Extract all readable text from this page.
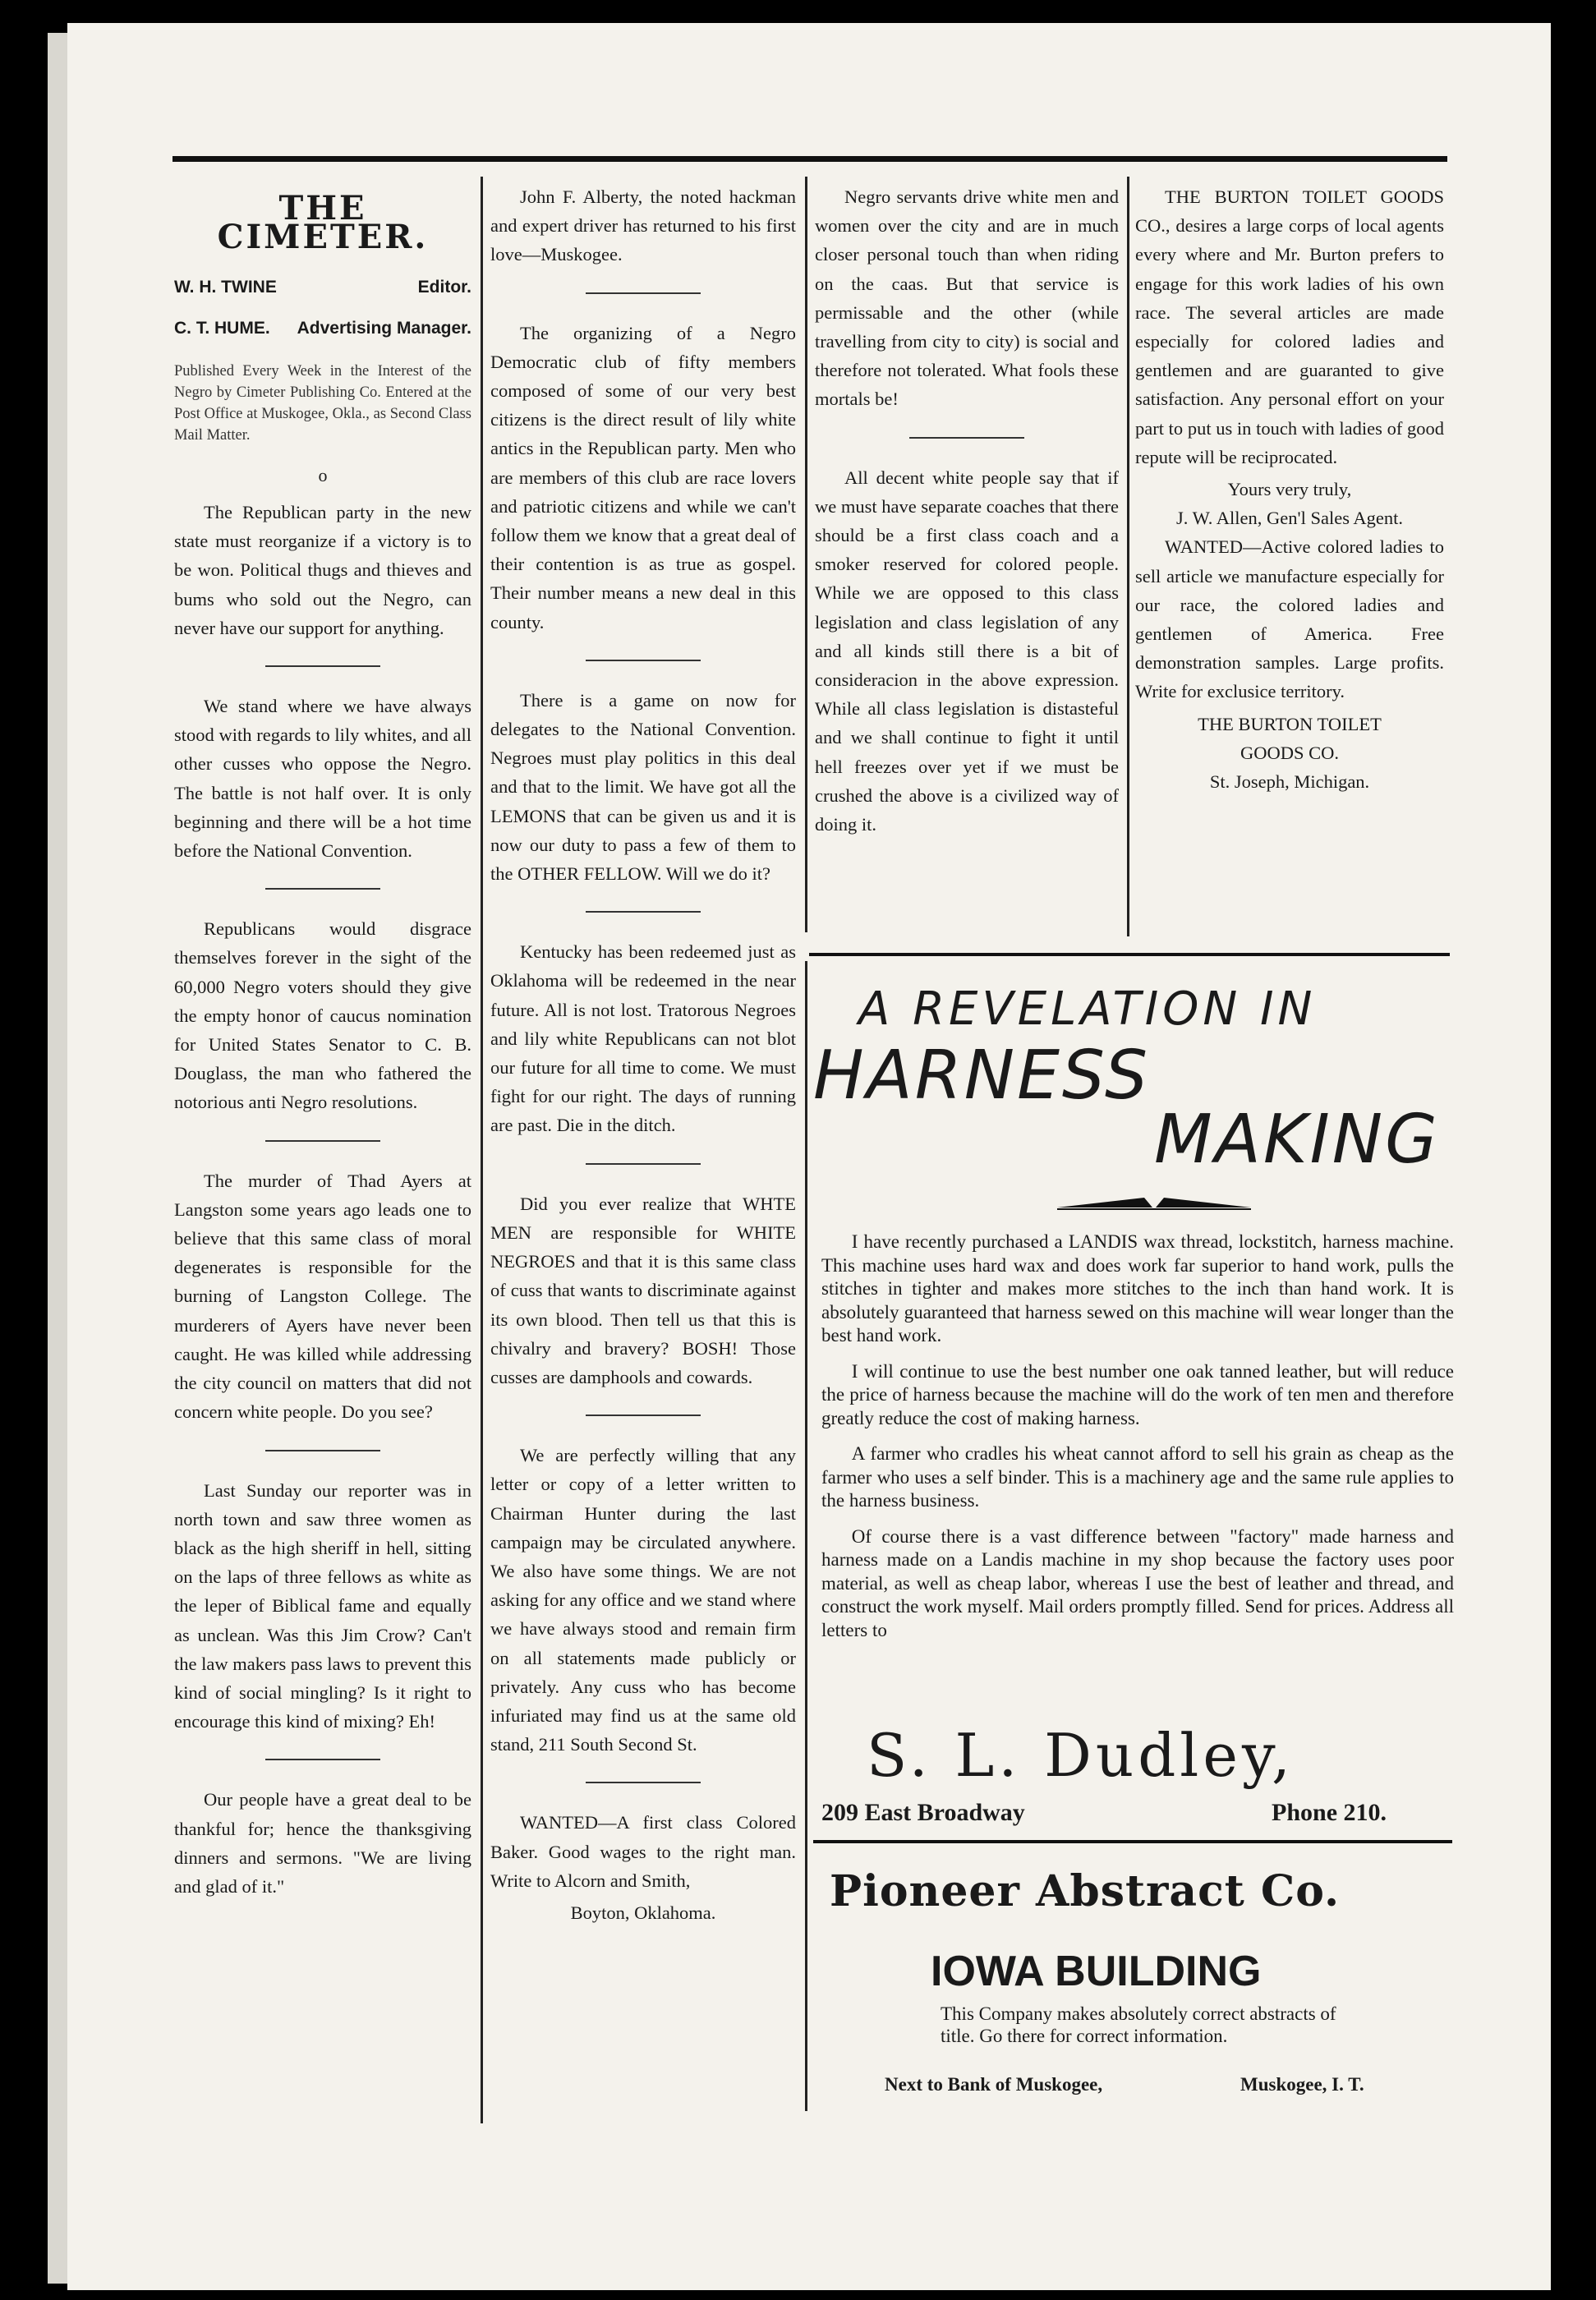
THE CIMETER.
W. H. TWINE	Editor.
C. T. HUME. Advertising Manager.
Published Every Week in the Interest of the Negro by Cimeter Publishing Co. Entered at the Post Office at Muskogee, Okla., as Second Class Mail Matter.
o

The Republican party in the new state must reorganize if a victory is to be won. Political thugs and thieves and bums who sold out the Negro, can never have our support for anything.

We stand where we have always stood with regards to lily whites, and all other cusses who oppose the Negro. The battle is not half over. It is only beginning and there will be a hot time before the National Convention.

Republicans would disgrace themselves forever in the sight of the 60,000 Negro voters should they give the empty honor of caucus nomination for United States Senator to C. B. Douglass, the man who fathered the notorious anti Negro resolutions.

The murder of Thad Ayers at Langston some years ago leads one to believe that this same class of moral degenerates is responsible for the burning of Langston College. The murderers of Ayers have never been caught. He was killed while addressing the city council on matters that did not concern white people. Do you see?

Last Sunday our reporter was in north town and saw three women as black as the high sheriff in hell, sitting on the laps of three fellows as white as the leper of Biblical fame and equally as unclean. Was this Jim Crow? Can't the law makers pass laws to prevent this kind of social mingling? Is it right to encourage this kind of mixing? Eh!

Our people have a great deal to be thankful for; hence the thanksgiving dinners and sermons. "We are living and glad of it."

John F. Alberty, the noted hackman and expert driver has returned to his first love—Muskogee.

The organizing of a Negro Democratic club of fifty members composed of some of our very best citizens is the direct result of lily white antics in the Republican party. Men who are members of this club are race lovers and patriotic citizens and while we can't follow them we know that a great deal of their contention is as true as gospel. Their number means a new deal in this county.

There is a game on now for delegates to the National Convention. Negroes must play politics in this deal and that to the limit. We have got all the LEMONS that can be given us and it is now our duty to pass a few of them to the OTHER FELLOW. Will we do it?

Kentucky has been redeemed just as Oklahoma will be redeemed in the near future. All is not lost. Tratorous Negroes and lily white Republicans can not blot our future for all time to come. We must fight for our right. The days of running are past. Die in the ditch.

Did you ever realize that WHTE MEN are responsible for WHITE NEGROES and that it is this same class of cuss that wants to discriminate against its own blood. Then tell us that this is chivalry and bravery? BOSH! Those cusses are damphools and cowards.

We are perfectly willing that any letter or copy of a letter written to Chairman Hunter during the last campaign may be circulated anywhere. We also have some things. We are not asking for any office and we stand where we have always stood and remain firm on all statements made publicly or privately. Any cuss who has become infuriated may find us at the same old stand, 211 South Second St.

WANTED—A first class Colored Baker. Good wages to the right man. Write to Alcorn and Smith,

Boyton, Oklahoma.

Negro servants drive white men and women over the city and are in much closer personal touch than when riding on the caas. But that service is permissable and the other (while travelling from city to city) is social and therefore not tolerated. What fools these mortals be!

All decent white people say that if we must have separate coaches that there should be a first class coach and a smoker reserved for colored people. While we are opposed to this class legislation and class legislation of any and all kinds still there is a bit of consideracion in the above expression. While all class legislation is distasteful and we shall continue to fight it until hell freezes over yet if we must be crushed the above is a civilized way of doing it.

THE BURTON TOILET GOODS CO., desires a large corps of local agents every where and Mr. Burton prefers to engage for this work ladies of his own race. The several articles are made especially for colored ladies and gentlemen and are guaranted to give satisfaction. Any personal effort on your part to put us in touch with ladies of good repute will be reciprocated.

Yours very truly,

J. W. Allen, Gen'l Sales Agent.

WANTED—Active colored ladies to sell article we manufacture especially for our race, the colored ladies and gentlemen of America. Free demonstration samples. Large profits. Write for exclusice territory.

THE BURTON TOILET

GOODS CO.

St. Joseph, Michigan.

A REVELATION IN
HARNESS
MAKING

I have recently purchased a LANDIS wax thread, lockstitch, harness machine. This machine uses hard wax and does work far superior to hand work, pulls the stitches in tighter and makes more stitches to the inch than hand work. It is absolutely guaranteed that harness sewed on this machine will wear longer than the best hand work.

I will continue to use the best number one oak tanned leather, but will reduce the price of harness because the machine will do the work of ten men and therefore greatly reduce the cost of making harness.

A farmer who cradles his wheat cannot afford to sell his grain as cheap as the farmer who uses a self binder. This is a machinery age and the same rule applies to the harness business.

Of course there is a vast difference between "factory" made harness and harness made on a Landis machine in my shop because the factory uses poor material, as well as cheap labor, whereas I use the best of leather and thread, and construct the work myself. Mail orders promptly filled. Send for prices. Address all letters to

S. L. Dudley,
209 East Broadway	Phone 210.
Pioneer Abstract Co.
IOWA BUILDING
This Company makes absolutely correct abstracts of title. Go there for correct information.
Next to Bank of Muskogee,	Muskogee, I. T.
